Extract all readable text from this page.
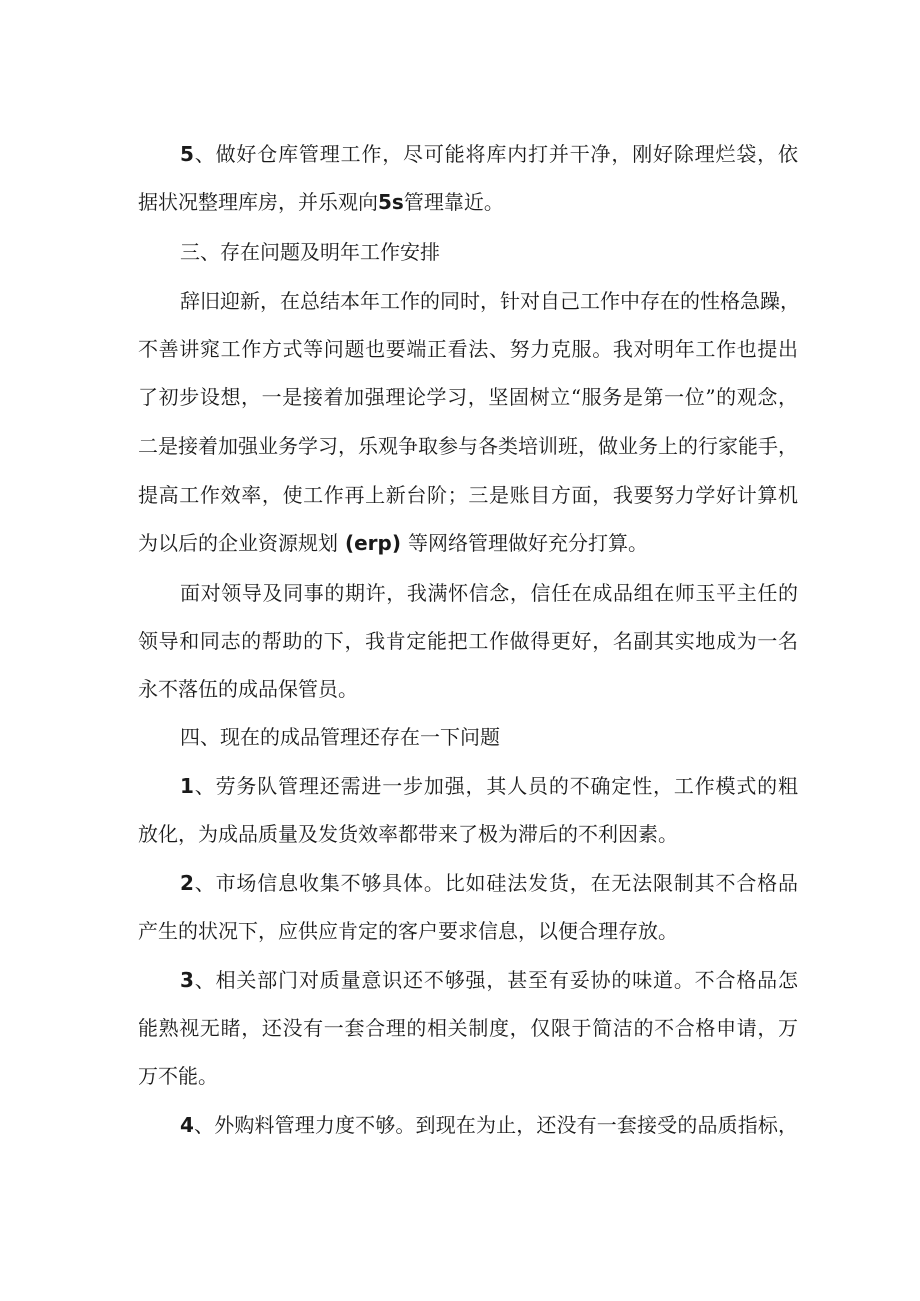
5、做好仓库管理工作，尽可能将库内打并干净，刚好除理烂袋，依
据状况整理库房，并乐观向5s管理靠近。
三、存在问题及明年工作安排
辞旧迎新，在总结本年工作的同时，针对自己工作中存在的性格急躁，
不善讲窕工作方式等问题也要端正看法、努力克服。我对明年工作也提出
了初步设想，一是接着加强理论学习，坚固树立“服务是第一位”的观念，
二是接着加强业务学习，乐观争取参与各类培训班，做业务上的行家能手，
提高工作效率，使工作再上新台阶；三是账目方面，我要努力学好计算机
为以后的企业资源规划 (erp) 等网络管理做好充分打算。
面对领导及同事的期许，我满怀信念，信任在成品组在师玉平主任的
领导和同志的帮助的下，我肯定能把工作做得更好，名副其实地成为一名
永不落伍的成品保管员。
四、现在的成品管理还存在一下问题
1、劳务队管理还需进一步加强，其人员的不确定性，工作模式的粗
放化，为成品质量及发货效率都带来了极为滞后的不利因素。
2、市场信息收集不够具体。比如硅法发货，在无法限制其不合格品
产生的状况下，应供应肯定的客户要求信息，以便合理存放。
3、相关部门对质量意识还不够强，甚至有妥协的味道。不合格品怎
能熟视无睹，还没有一套合理的相关制度，仅限于简洁的不合格申请，万
万不能。
4、外购料管理力度不够。到现在为止，还没有一套接受的品质指标，
